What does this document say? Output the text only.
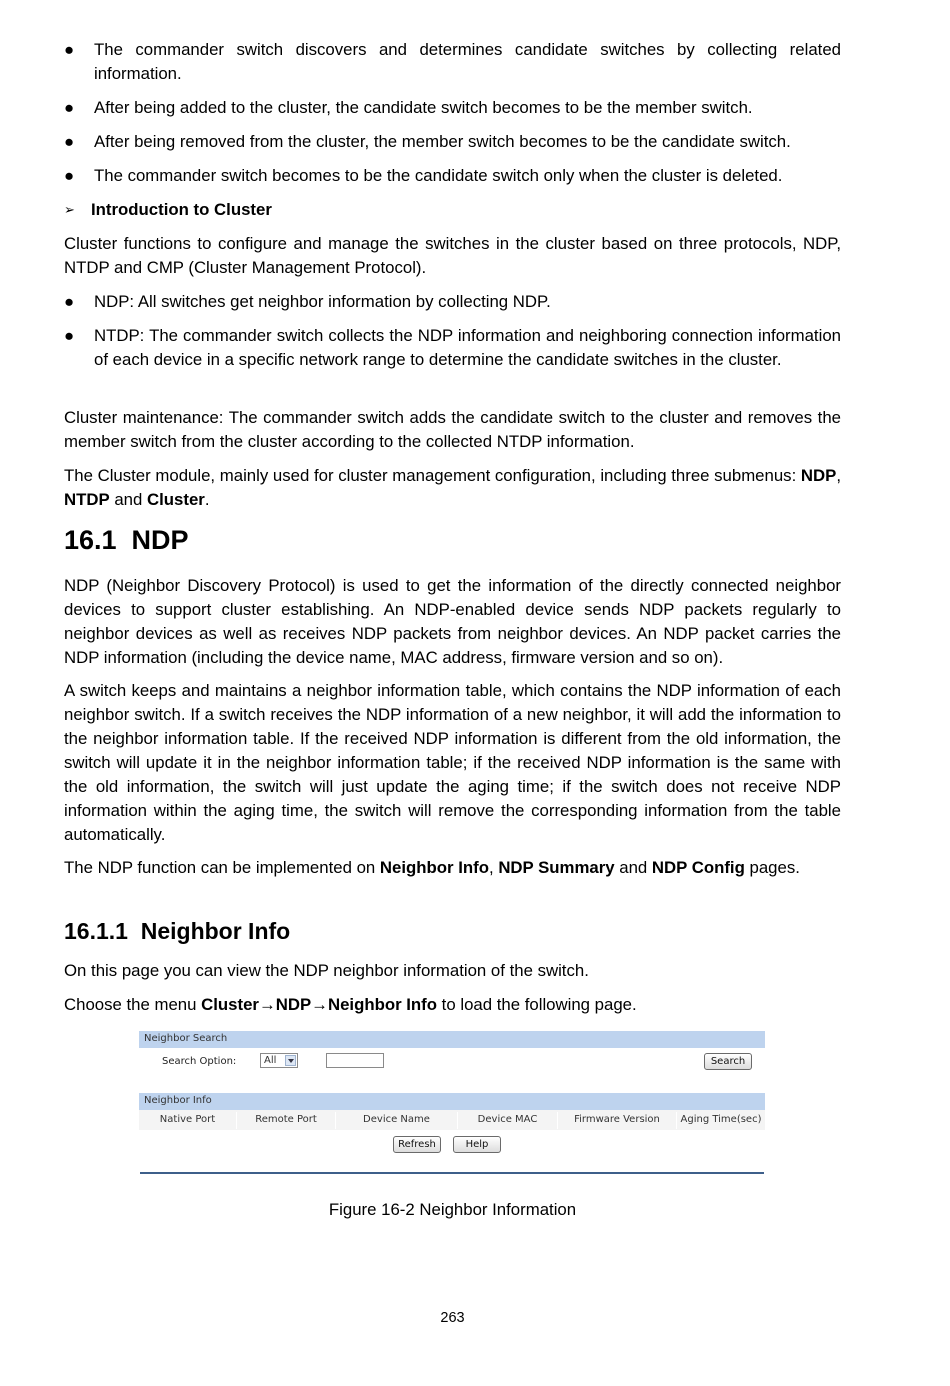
● The commander switch discovers and determines candidate switches by collecting related information.
● After being added to the cluster, the candidate switch becomes to be the member switch.
● After being removed from the cluster, the member switch becomes to be the candidate switch.
● The commander switch becomes to be the candidate switch only when the cluster is deleted.
➢ Introduction to Cluster

Cluster functions to configure and manage the switches in the cluster based on three protocols, NDP, NTDP and CMP (Cluster Management Protocol).

● NDP: All switches get neighbor information by collecting NDP.
● NTDP: The commander switch collects the NDP information and neighboring connection information of each device in a specific network range to determine the candidate switches in the cluster.

Cluster maintenance: The commander switch adds the candidate switch to the cluster and removes the member switch from the cluster according to the collected NTDP information.

The Cluster module, mainly used for cluster management configuration, including three submenus: NDP, NTDP and Cluster.

16.1  NDP

NDP (Neighbor Discovery Protocol) is used to get the information of the directly connected neighbor devices to support cluster establishing. An NDP-enabled device sends NDP packets regularly to neighbor devices as well as receives NDP packets from neighbor devices. An NDP packet carries the NDP information (including the device name, MAC address, firmware version and so on).

A switch keeps and maintains a neighbor information table, which contains the NDP information of each neighbor switch. If a switch receives the NDP information of a new neighbor, it will add the information to the neighbor information table. If the received NDP information is different from the old information, the switch will update it in the neighbor information table; if the received NDP information is the same with the old information, the switch will just update the aging time; if the switch does not receive NDP information within the aging time, the switch will remove the corresponding information from the table automatically.

The NDP function can be implemented on Neighbor Info, NDP Summary and NDP Config pages.

16.1.1  Neighbor Info

On this page you can view the NDP neighbor information of the switch.

Choose the menu Cluster→NDP→Neighbor Info to load the following page.

Neighbor Search
Search Option:	All	Search
Neighbor Info
Native Port	Remote Port	Device Name	Device MAC	Firmware Version	Aging Time(sec)
Refresh	Help
Figure 16-2 Neighbor Information
263
